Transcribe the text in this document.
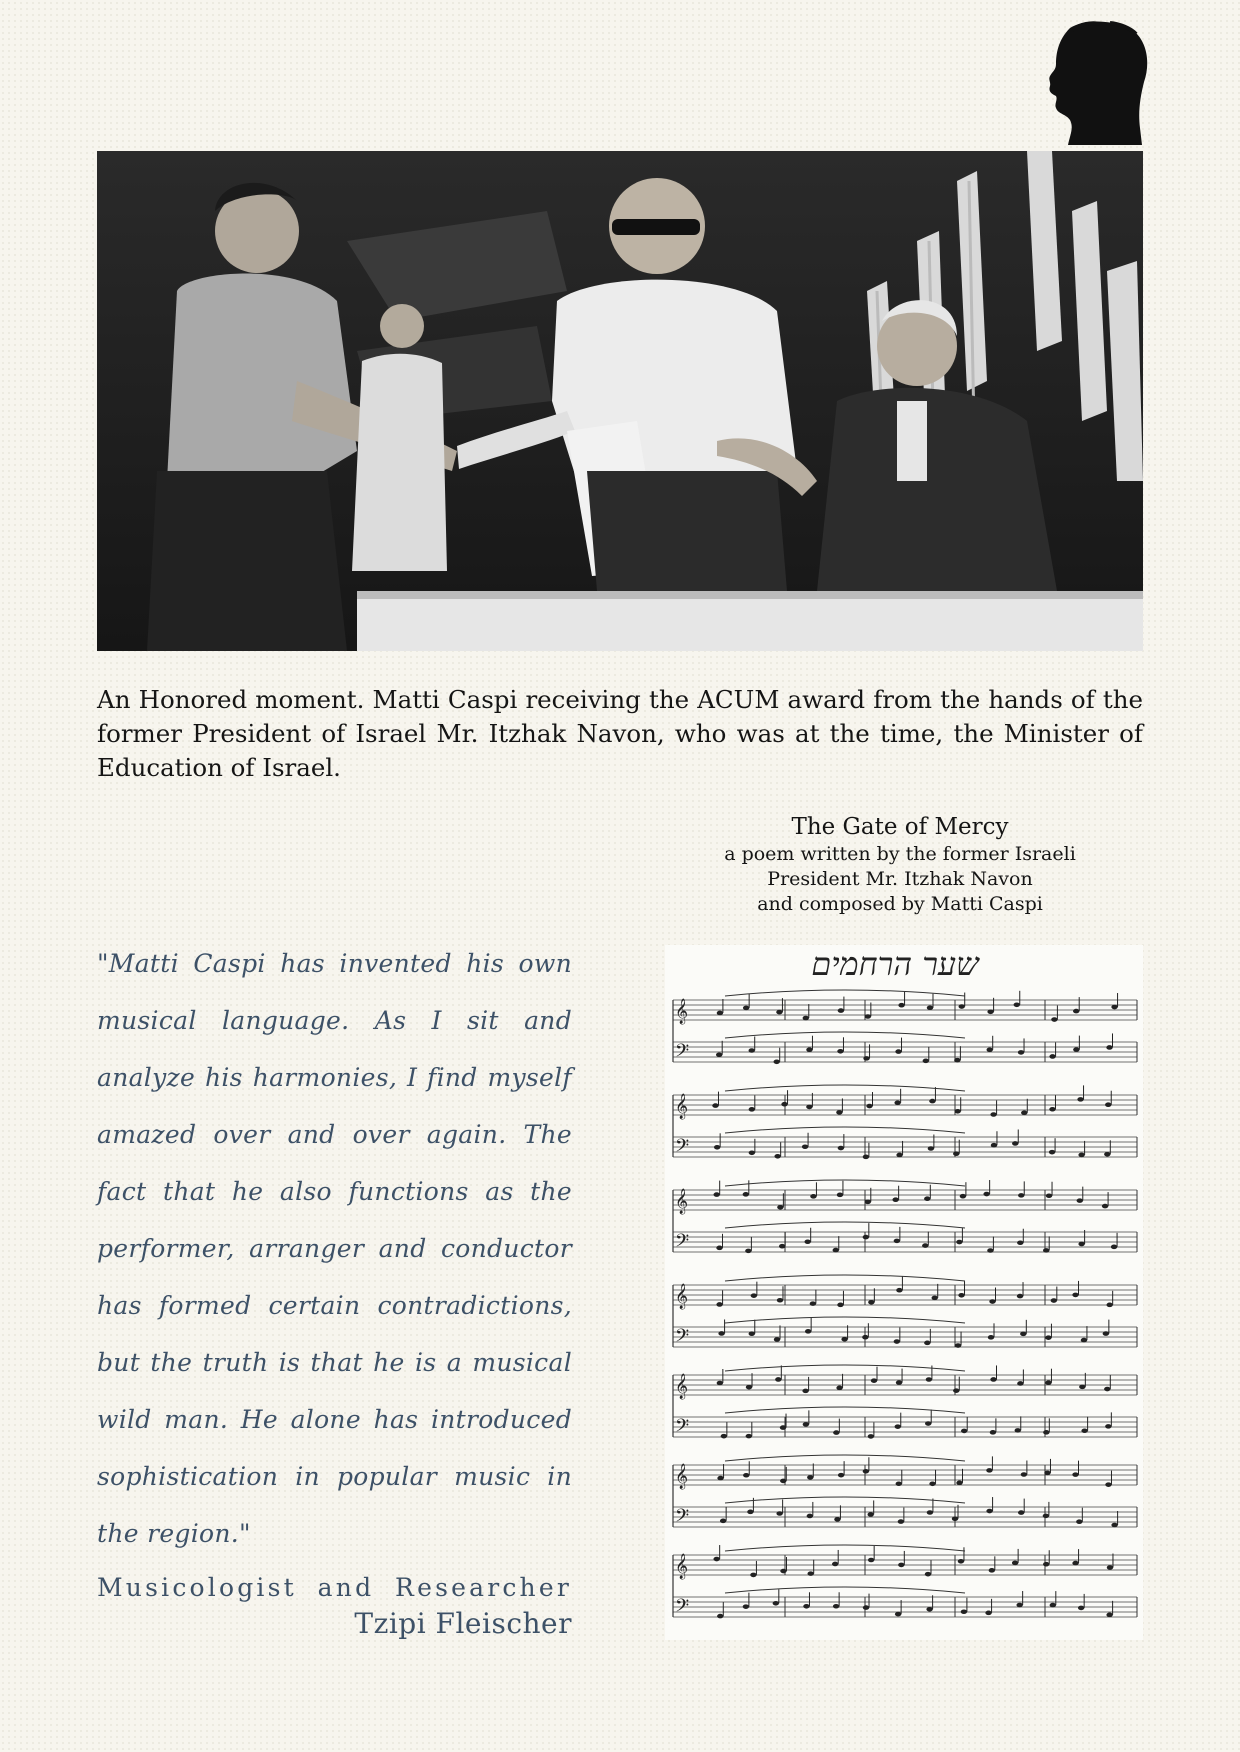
An Honored moment. Matti Caspi receiving the ACUM award from the hands of the former President of Israel Mr. Itzhak Navon, who was at the time, the Minister of Education of Israel.
The Gate of Mercy
a poem written by the former Israeli
President Mr. Itzhak Navon
and composed by Matti Caspi
"Matti Caspi has invented his own musical language. As I sit and analyze his harmonies, I find myself amazed over and over again. The fact that he also functions as the performer, arranger and conductor has formed certain contradictions, but the truth is that he is a musical wild man. He alone has introduced sophistication in popular music in the region."
Musicologist and Researcher
Tzipi Fleischer
שער הרחמים
𝄞
𝄢
𝄞
𝄢
𝄞
𝄢
𝄞
𝄢
𝄞
𝄢
𝄞
𝄢
𝄞
𝄢
